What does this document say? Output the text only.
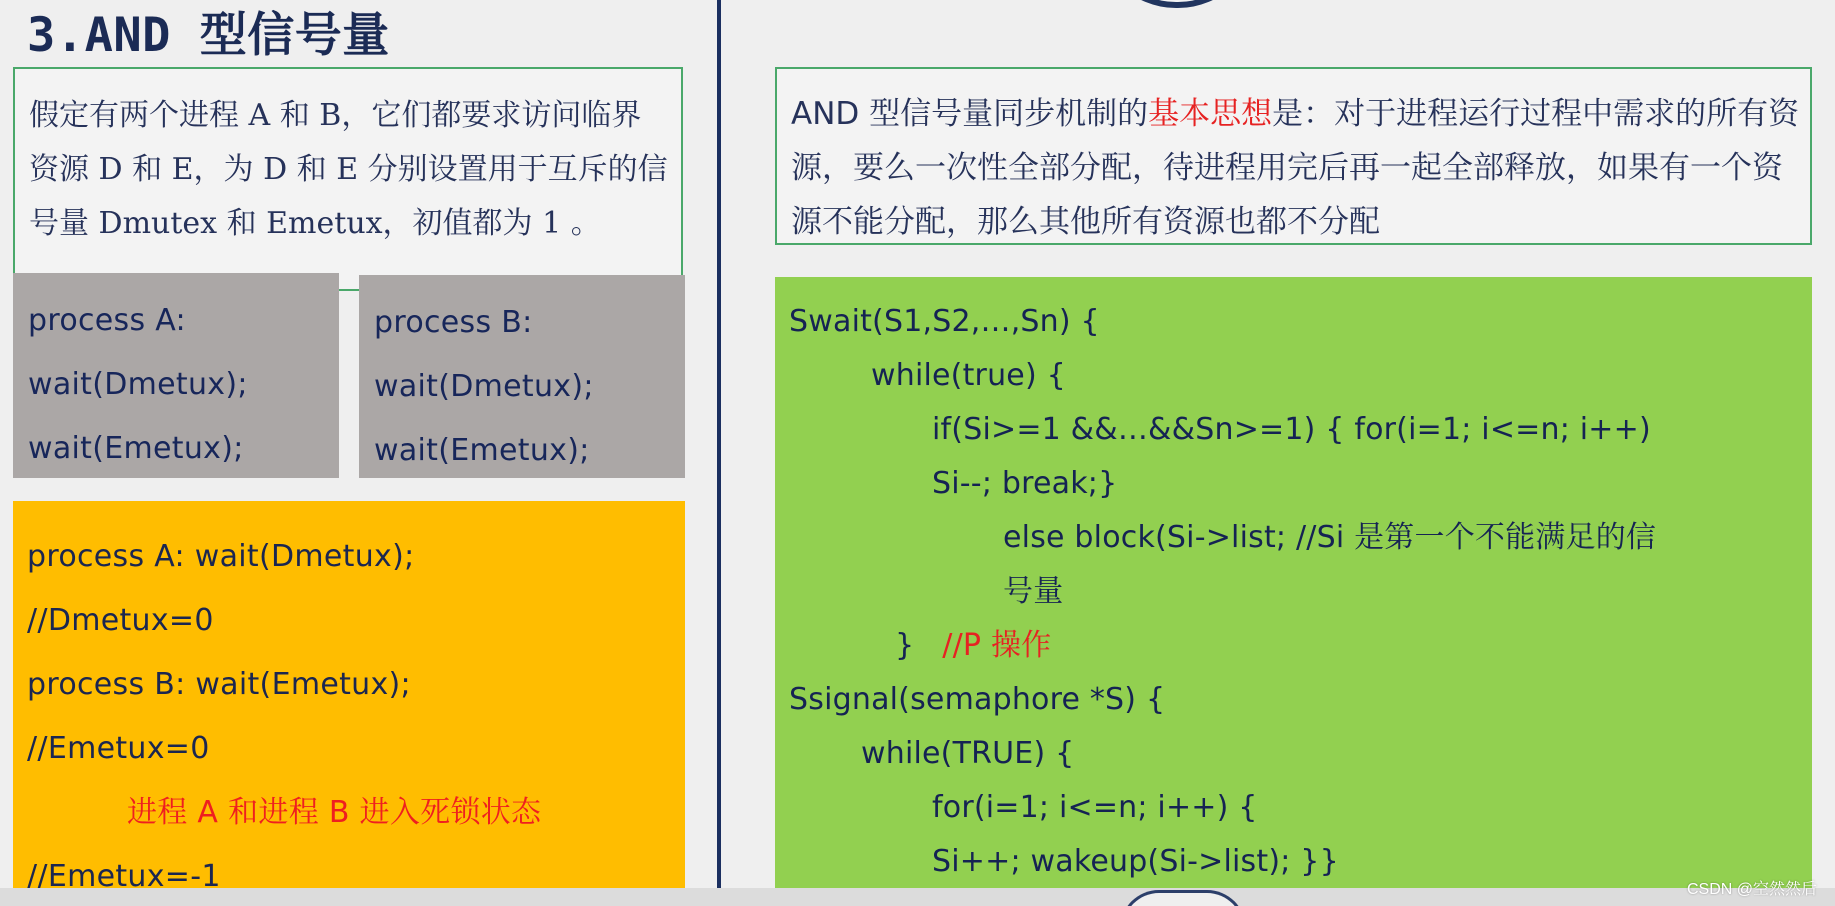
3.AND 型信号量
假定有两个进程 A 和 B，它们都要求访问临界资源 D 和 E，为 D 和 E 分别设置用于互斥的信号量 Dmutex 和 Emetux，初值都为 1 。
process A:
wait(Dmetux);
wait(Emetux);
process B:
wait(Dmetux);
wait(Emetux);
process A: wait(Dmetux);
//Dmetux=0
process B: wait(Emetux);
//Emetux=0
进程 A 和进程 B 进入死锁状态
//Emetux=-1
AND 型信号量同步机制的基本思想是：对于进程运行过程中需求的所有资源，要么一次性全部分配，待进程用完后再一起全部释放，如果有一个资源不能分配，那么其他所有资源也都不分配
Swait(S1,S2,…,Sn) {
while(true) {
if(Si>=1 &&…&&Sn>=1) { for(i=1; i<=n; i++)
Si--; break;}
else block(Si->list; //Si 是第一个不能满足的信
号量
} //P 操作
Ssignal(semaphore *S) {
while(TRUE) {
for(i=1; i<=n; i++) {
Si++; wakeup(Si->list); }}
CSDN @空然然后
